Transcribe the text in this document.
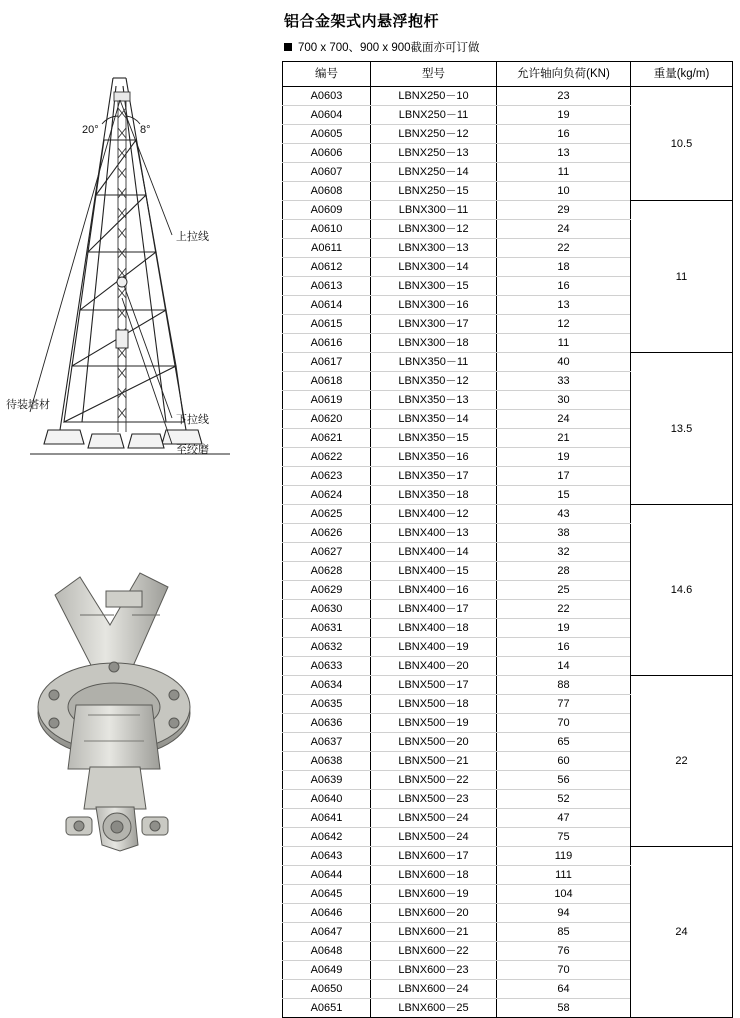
20°	8°
上拉线
待装塔材
下拉线
至绞磨
铝合金架式内悬浮抱杆
700 x 700、900 x 900截面亦可订做
编号	型号	允许轴向负荷(KN)	重量(kg/m)
A0603	LBNX250－10	23	10.5
A0604	LBNX250－11	19	
A0605	LBNX250－12	16	
A0606	LBNX250－13	13	
A0607	LBNX250－14	11	
A0608	LBNX250－15	10	
A0609	LBNX300－11	29	11
A0610	LBNX300－12	24	
A0611	LBNX300－13	22	
A0612	LBNX300－14	18	
A0613	LBNX300－15	16	
A0614	LBNX300－16	13	
A0615	LBNX300－17	12	
A0616	LBNX300－18	11	
A0617	LBNX350－11	40	13.5
A0618	LBNX350－12	33	
A0619	LBNX350－13	30	
A0620	LBNX350－14	24	
A0621	LBNX350－15	21	
A0622	LBNX350－16	19	
A0623	LBNX350－17	17	
A0624	LBNX350－18	15	
A0625	LBNX400－12	43	14.6
A0626	LBNX400－13	38	
A0627	LBNX400－14	32	
A0628	LBNX400－15	28	
A0629	LBNX400－16	25	
A0630	LBNX400－17	22	
A0631	LBNX400－18	19	
A0632	LBNX400－19	16	
A0633	LBNX400－20	14	
A0634	LBNX500－17	88	22
A0635	LBNX500－18	77	
A0636	LBNX500－19	70	
A0637	LBNX500－20	65	
A0638	LBNX500－21	60	
A0639	LBNX500－22	56	
A0640	LBNX500－23	52	
A0641	LBNX500－24	47	
A0642	LBNX500－24	75	
A0643	LBNX600－17	119	24
A0644	LBNX600－18	111	
A0645	LBNX600－19	104	
A0646	LBNX600－20	94	
A0647	LBNX600－21	85	
A0648	LBNX600－22	76	
A0649	LBNX600－23	70	
A0650	LBNX600－24	64	
A0651	LBNX600－25	58	
